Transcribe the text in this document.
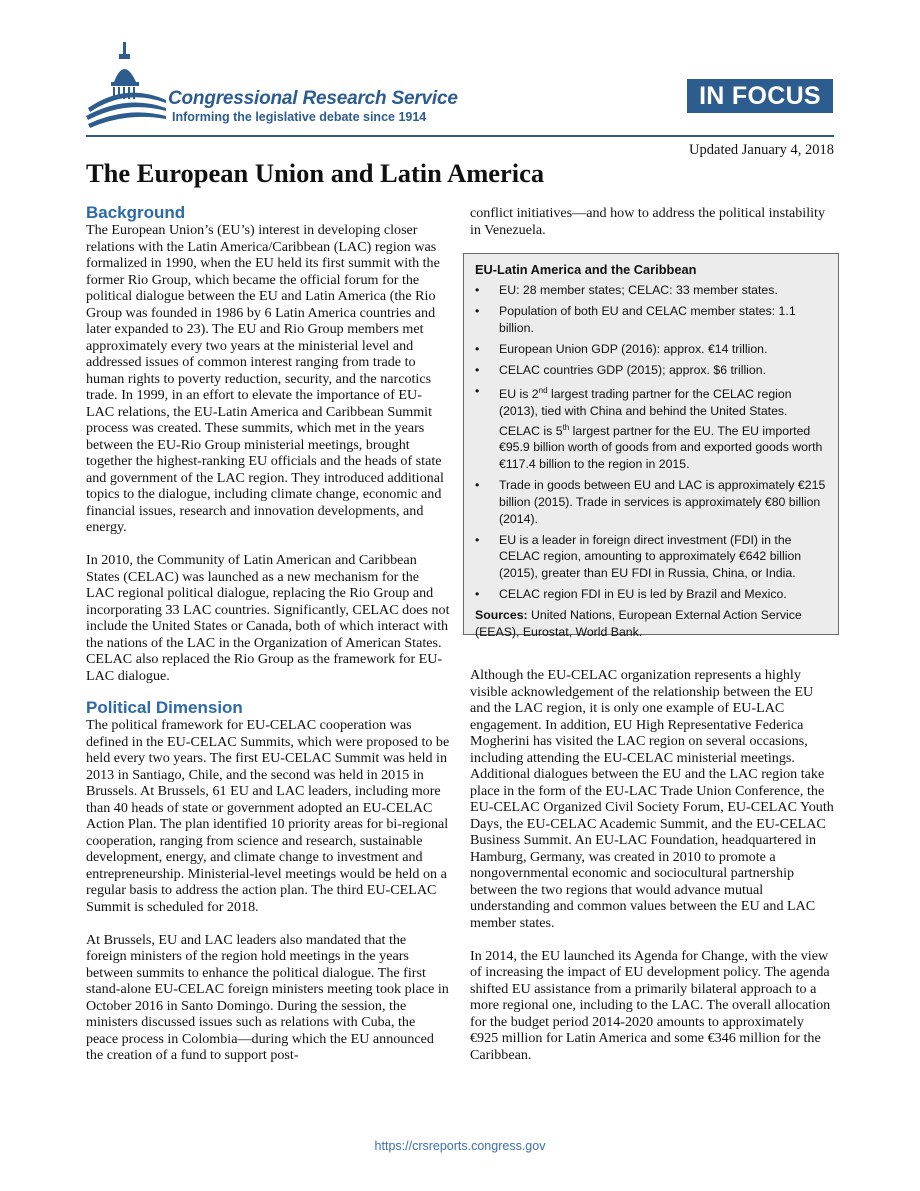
Congressional Research Service
Informing the legislative debate since 1914
IN FOCUS
Updated January 4, 2018
The European Union and Latin America
Background

The European Union’s (EU’s) interest in developing closer relations with the Latin America/Caribbean (LAC) region was formalized in 1990, when the EU held its first summit with the former Rio Group, which became the official forum for the political dialogue between the EU and Latin America (the Rio Group was founded in 1986 by 6 Latin America countries and later expanded to 23). The EU and Rio Group members met approximately every two years at the ministerial level and addressed issues of common interest ranging from trade to human rights to poverty reduction, security, and the narcotics trade. In 1999, in an effort to elevate the importance of EU-LAC relations, the EU-Latin America and Caribbean Summit process was created. These summits, which met in the years between the EU-Rio Group ministerial meetings, brought together the highest-ranking EU officials and the heads of state and government of the LAC region. They introduced additional topics to the dialogue, including climate change, economic and financial issues, research and innovation developments, and energy.

In 2010, the Community of Latin American and Caribbean States (CELAC) was launched as a new mechanism for the LAC regional political dialogue, replacing the Rio Group and incorporating 33 LAC countries. Significantly, CELAC does not include the United States or Canada, both of which interact with the nations of the LAC in the Organization of American States. CELAC also replaced the Rio Group as the framework for EU-LAC dialogue.

Political Dimension

The political framework for EU-CELAC cooperation was defined in the EU-CELAC Summits, which were proposed to be held every two years. The first EU-CELAC Summit was held in 2013 in Santiago, Chile, and the second was held in 2015 in Brussels. At Brussels, 61 EU and LAC leaders, including more than 40 heads of state or government adopted an EU-CELAC Action Plan. The plan identified 10 priority areas for bi-regional cooperation, ranging from science and research, sustainable development, energy, and climate change to investment and entrepreneurship. Ministerial-level meetings would be held on a regular basis to address the action plan. The third EU-CELAC Summit is scheduled for 2018.

At Brussels, EU and LAC leaders also mandated that the foreign ministers of the region hold meetings in the years between summits to enhance the political dialogue. The first stand-alone EU-CELAC foreign ministers meeting took place in October 2016 in Santo Domingo. During the session, the ministers discussed issues such as relations with Cuba, the peace process in Colombia—during which the EU announced the creation of a fund to support post-

conflict initiatives—and how to address the political instability in Venezuela.

EU-Latin America and the Caribbean
• EU: 28 member states; CELAC: 33 member states.
• Population of both EU and CELAC member states: 1.1 billion.
• European Union GDP (2016): approx. €14 trillion.
• CELAC countries GDP (2015); approx. $6 trillion.
• EU is 2nd largest trading partner for the CELAC region (2013), tied with China and behind the United States. CELAC is 5th largest partner for the EU. The EU imported €95.9 billion worth of goods from and exported goods worth €117.4 billion to the region in 2015.
• Trade in goods between EU and LAC is approximately €215 billion (2015). Trade in services is approximately €80 billion (2014).
• EU is a leader in foreign direct investment (FDI) in the CELAC region, amounting to approximately €642 billion (2015), greater than EU FDI in Russia, China, or India.
• CELAC region FDI in EU is led by Brazil and Mexico.
Sources: United Nations, European External Action Service (EEAS), Eurostat, World Bank.

Although the EU-CELAC organization represents a highly visible acknowledgement of the relationship between the EU and the LAC region, it is only one example of EU-LAC engagement. In addition, EU High Representative Federica Mogherini has visited the LAC region on several occasions, including attending the EU-CELAC ministerial meetings. Additional dialogues between the EU and the LAC region take place in the form of the EU-LAC Trade Union Conference, the EU-CELAC Organized Civil Society Forum, EU-CELAC Youth Days, the EU-CELAC Academic Summit, and the EU-CELAC Business Summit. An EU-LAC Foundation, headquartered in Hamburg, Germany, was created in 2010 to promote a nongovernmental economic and sociocultural partnership between the two regions that would advance mutual understanding and common values between the EU and LAC member states.

In 2014, the EU launched its Agenda for Change, with the view of increasing the impact of EU development policy. The agenda shifted EU assistance from a primarily bilateral approach to a more regional one, including to the LAC. The overall allocation for the budget period 2014-2020 amounts to approximately €925 million for Latin America and some €346 million for the Caribbean.

https://crsreports.congress.gov
